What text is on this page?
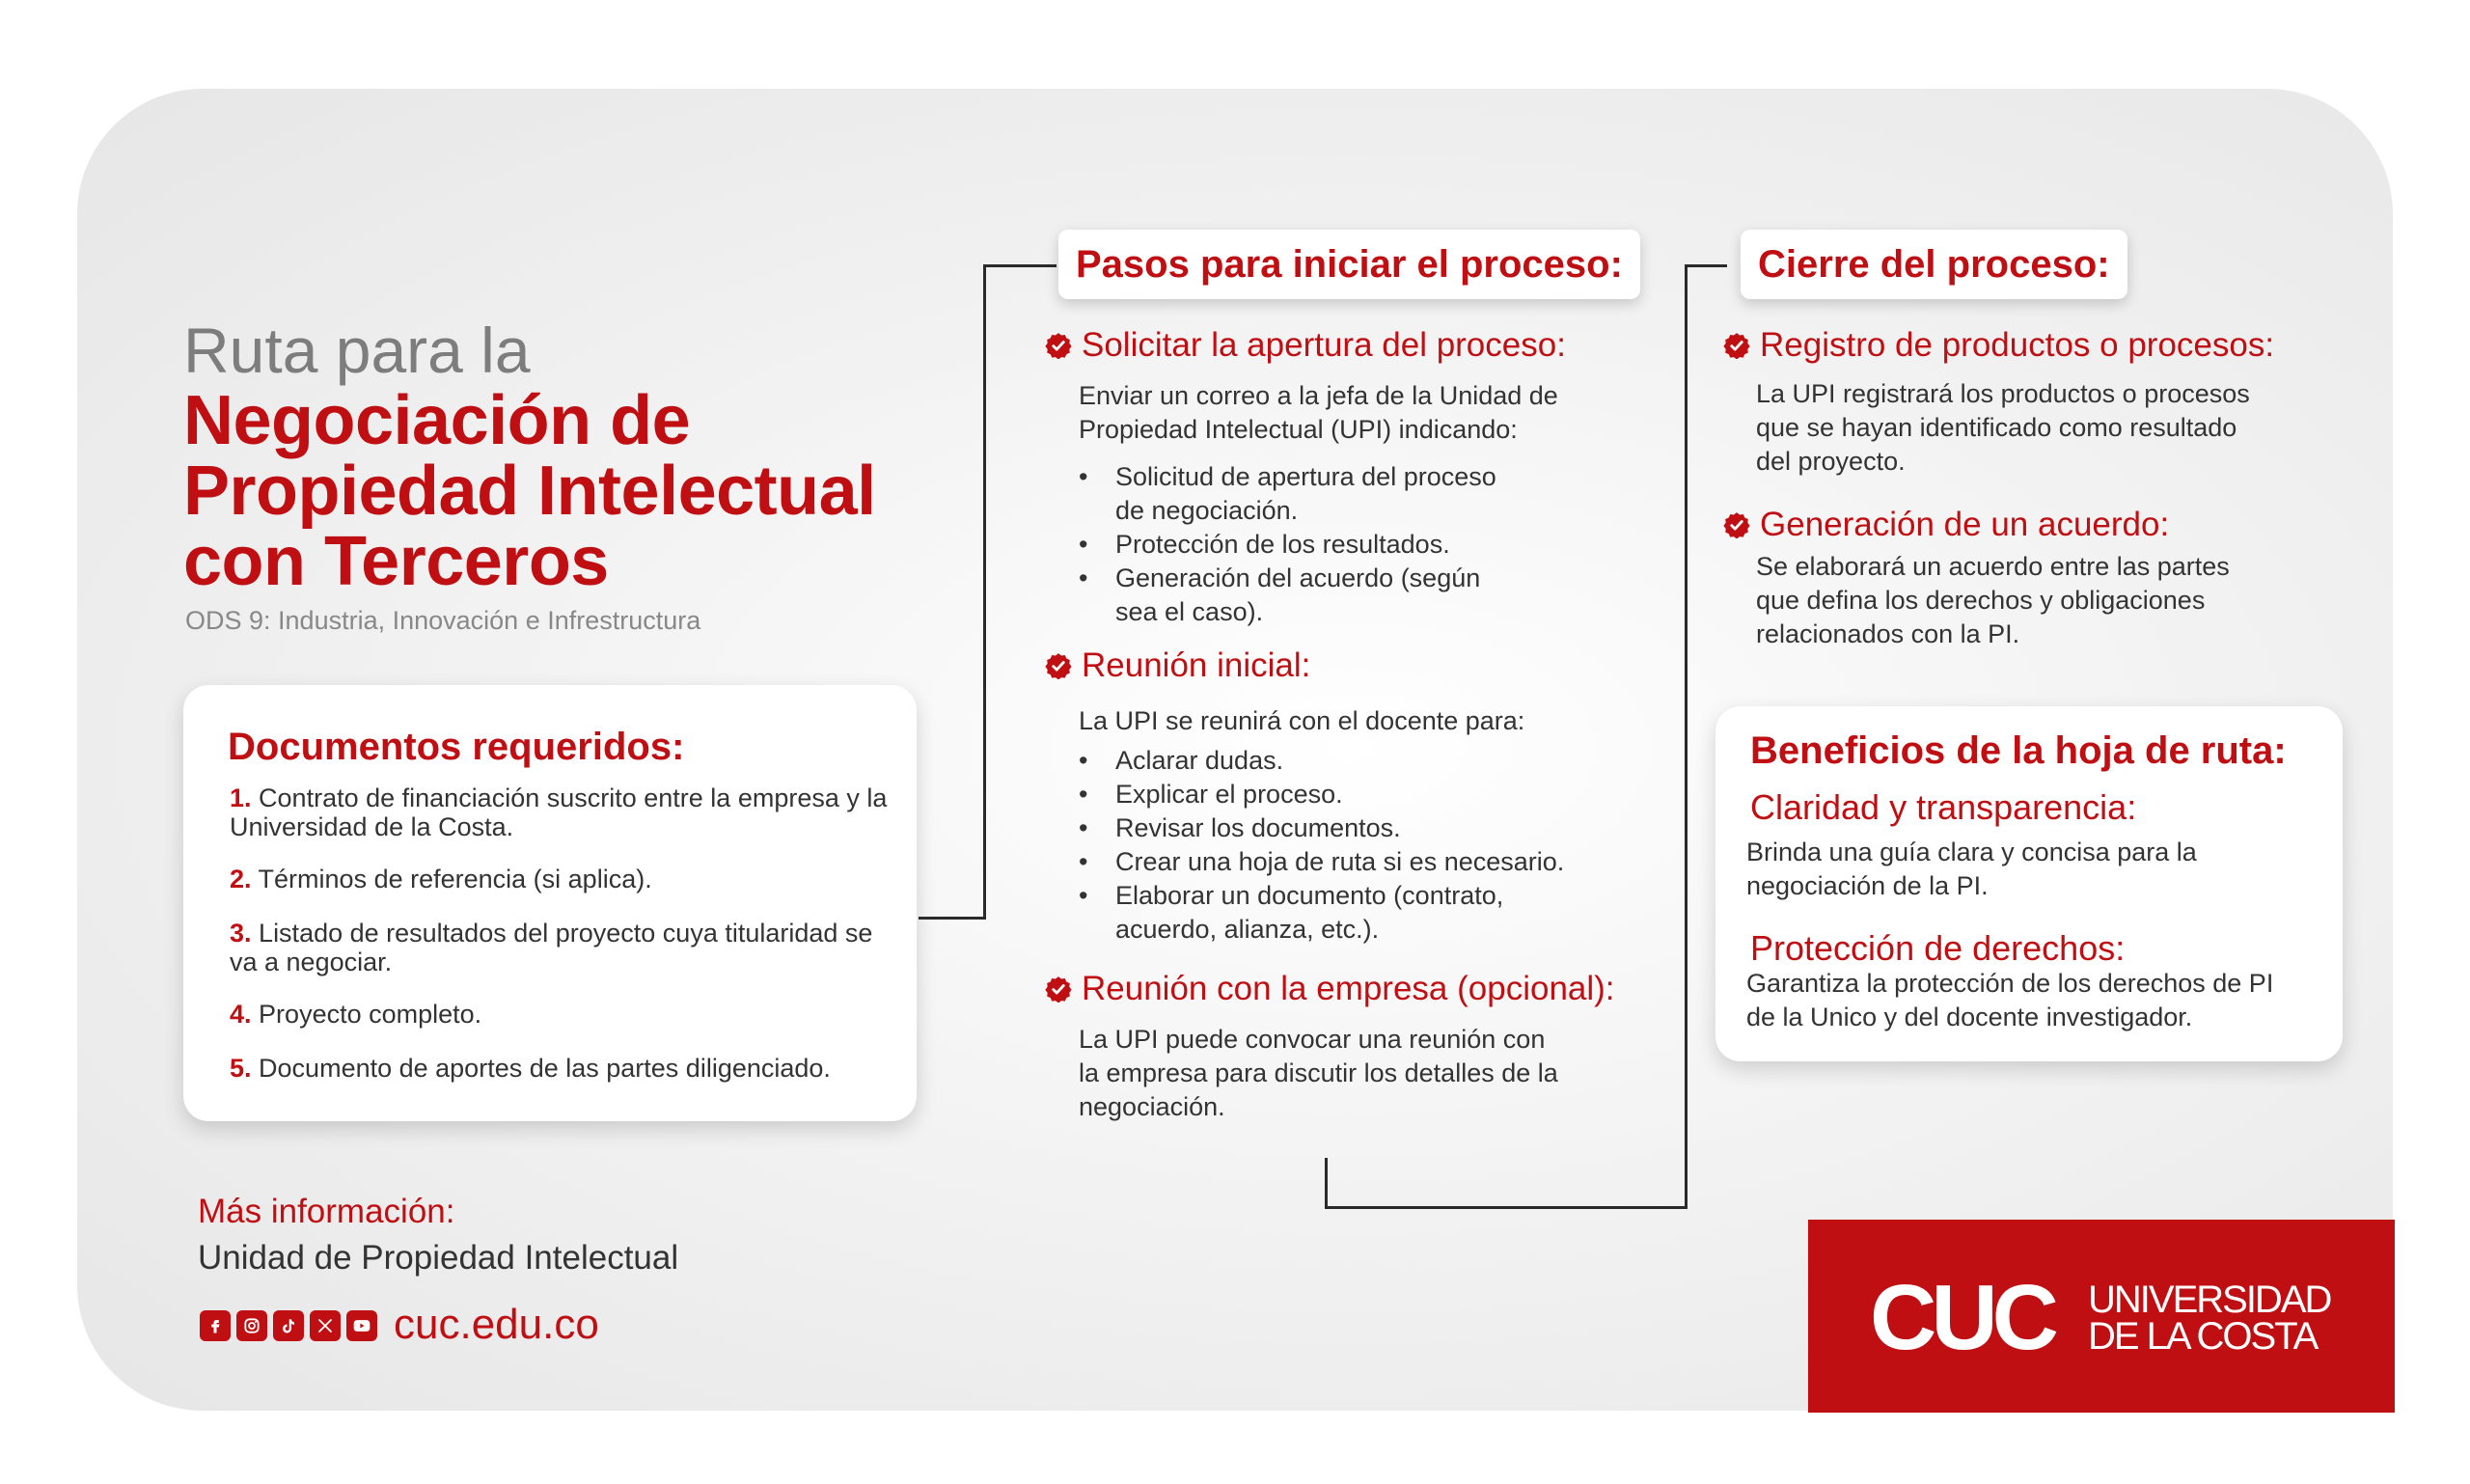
Ruta para la
Negociación de
Propiedad Intelectual
con Terceros
ODS 9: Industria, Innovación e Infrestructura
Documentos requeridos:
1. Contrato de financiación suscrito entre la empresa y la Universidad de la Costa.
2. Términos de referencia (si aplica).
3. Listado de resultados del proyecto cuya titularidad se va a negociar.
4. Proyecto completo.
5. Documento de aportes de las partes diligenciado.
Pasos para iniciar el proceso:
Solicitar la apertura del proceso:
Enviar un correo a la jefa de la Unidad de
Propiedad Intelectual (UPI) indicando:
• Solicitud de apertura del proceso
de negociación.
• Protección de los resultados.
• Generación del acuerdo (según
sea el caso).
Reunión inicial:
La UPI se reunirá con el docente para:
• Aclarar dudas.
• Explicar el proceso.
• Revisar los documentos.
• Crear una hoja de ruta si es necesario.
• Elaborar un documento (contrato,
acuerdo, alianza, etc.).
Reunión con la empresa (opcional):
La UPI puede convocar una reunión con
la empresa para discutir los detalles de la
negociación.
Cierre del proceso:
Registro de productos o procesos:
La UPI registrará los productos o procesos
que se hayan identificado como resultado
del proyecto.
Generación de un acuerdo:
Se elaborará un acuerdo entre las partes
que defina los derechos y obligaciones
relacionados con la PI.
Beneficios de la hoja de ruta:
Claridad y transparencia:
Brinda una guía clara y concisa para la
negociación de la PI.
Protección de derechos:
Garantiza la protección de los derechos de PI
de la Unico y del docente investigador.
Más información:
Unidad de Propiedad Intelectual
cuc.edu.co	CUC UNIVERSIDAD
DE LA COSTA
